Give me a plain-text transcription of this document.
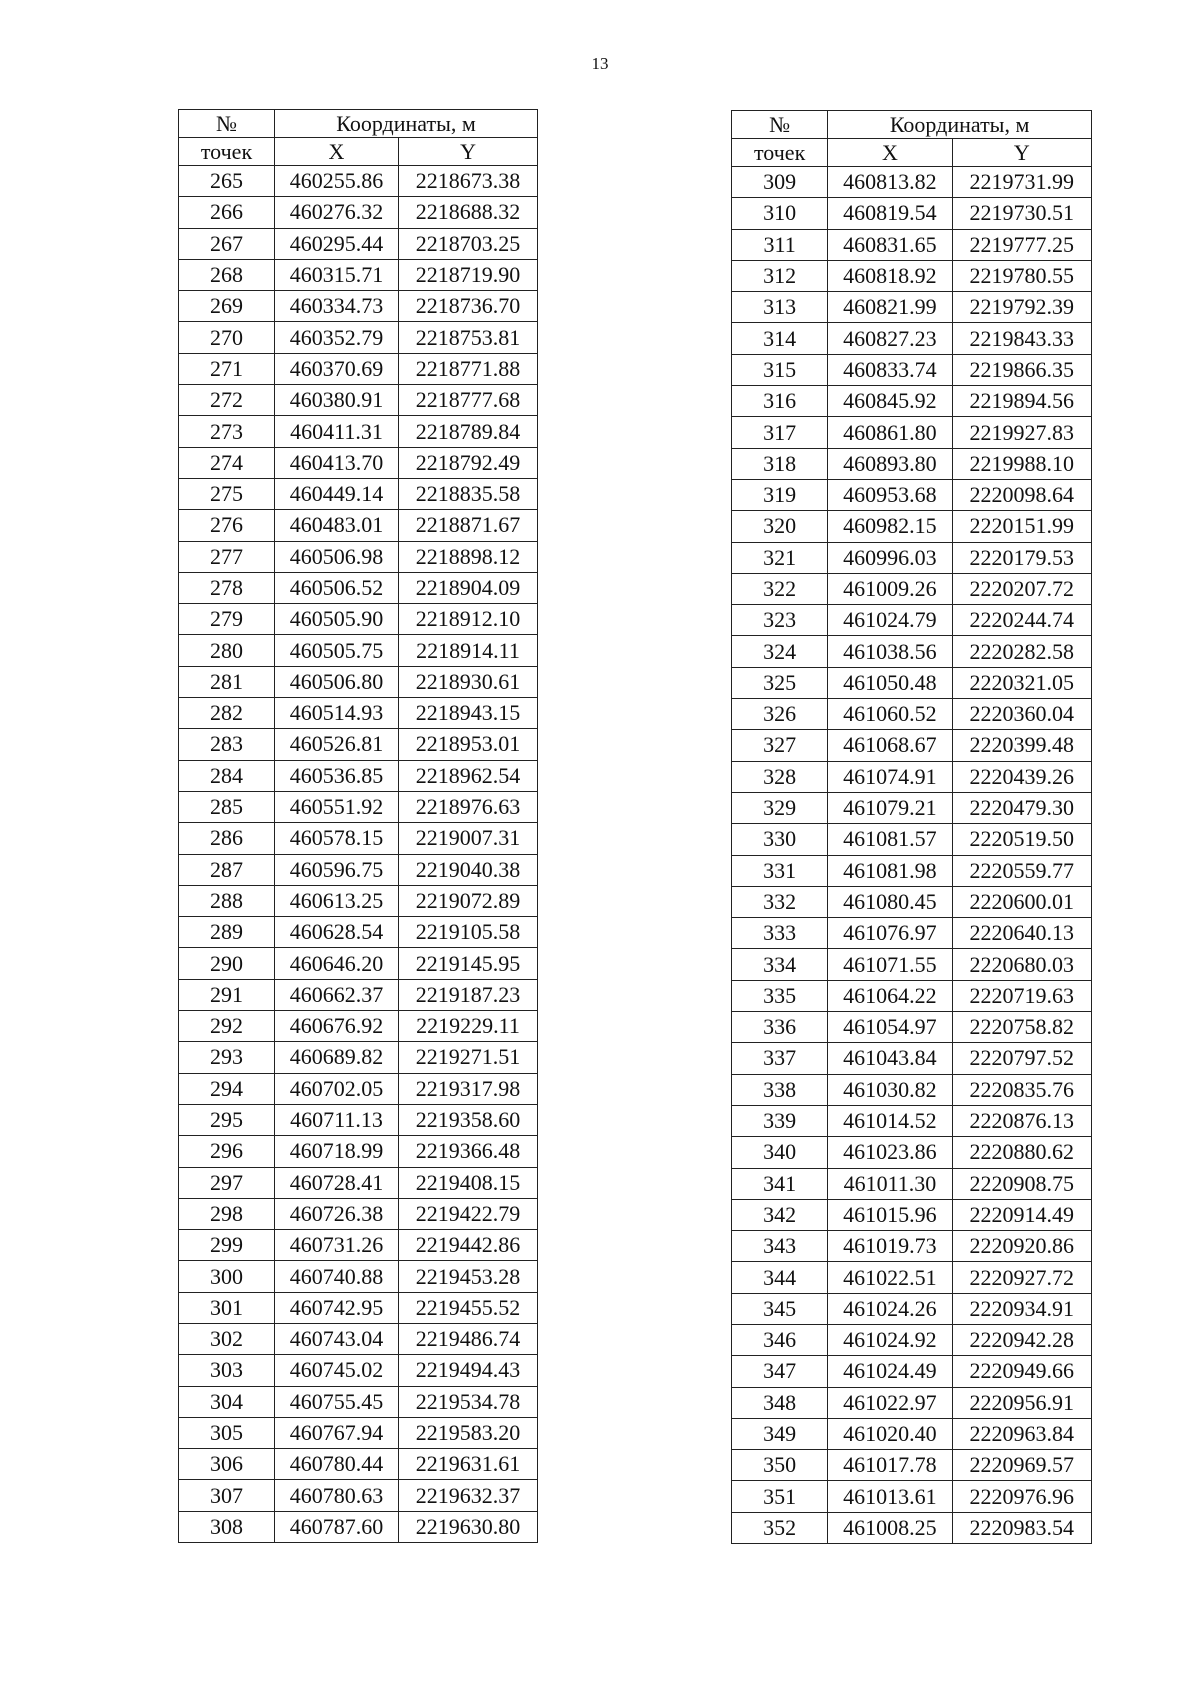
13
№	Координаты, м	
точек	X	Y
265	460255.86	2218673.38
266	460276.32	2218688.32
267	460295.44	2218703.25
268	460315.71	2218719.90
269	460334.73	2218736.70
270	460352.79	2218753.81
271	460370.69	2218771.88
272	460380.91	2218777.68
273	460411.31	2218789.84
274	460413.70	2218792.49
275	460449.14	2218835.58
276	460483.01	2218871.67
277	460506.98	2218898.12
278	460506.52	2218904.09
279	460505.90	2218912.10
280	460505.75	2218914.11
281	460506.80	2218930.61
282	460514.93	2218943.15
283	460526.81	2218953.01
284	460536.85	2218962.54
285	460551.92	2218976.63
286	460578.15	2219007.31
287	460596.75	2219040.38
288	460613.25	2219072.89
289	460628.54	2219105.58
290	460646.20	2219145.95
291	460662.37	2219187.23
292	460676.92	2219229.11
293	460689.82	2219271.51
294	460702.05	2219317.98
295	460711.13	2219358.60
296	460718.99	2219366.48
297	460728.41	2219408.15
298	460726.38	2219422.79
299	460731.26	2219442.86
300	460740.88	2219453.28
301	460742.95	2219455.52
302	460743.04	2219486.74
303	460745.02	2219494.43
304	460755.45	2219534.78
305	460767.94	2219583.20
306	460780.44	2219631.61
307	460780.63	2219632.37
308	460787.60	2219630.80
№	Координаты, м	
точек	X	Y
309	460813.82	2219731.99
310	460819.54	2219730.51
311	460831.65	2219777.25
312	460818.92	2219780.55
313	460821.99	2219792.39
314	460827.23	2219843.33
315	460833.74	2219866.35
316	460845.92	2219894.56
317	460861.80	2219927.83
318	460893.80	2219988.10
319	460953.68	2220098.64
320	460982.15	2220151.99
321	460996.03	2220179.53
322	461009.26	2220207.72
323	461024.79	2220244.74
324	461038.56	2220282.58
325	461050.48	2220321.05
326	461060.52	2220360.04
327	461068.67	2220399.48
328	461074.91	2220439.26
329	461079.21	2220479.30
330	461081.57	2220519.50
331	461081.98	2220559.77
332	461080.45	2220600.01
333	461076.97	2220640.13
334	461071.55	2220680.03
335	461064.22	2220719.63
336	461054.97	2220758.82
337	461043.84	2220797.52
338	461030.82	2220835.76
339	461014.52	2220876.13
340	461023.86	2220880.62
341	461011.30	2220908.75
342	461015.96	2220914.49
343	461019.73	2220920.86
344	461022.51	2220927.72
345	461024.26	2220934.91
346	461024.92	2220942.28
347	461024.49	2220949.66
348	461022.97	2220956.91
349	461020.40	2220963.84
350	461017.78	2220969.57
351	461013.61	2220976.96
352	461008.25	2220983.54
